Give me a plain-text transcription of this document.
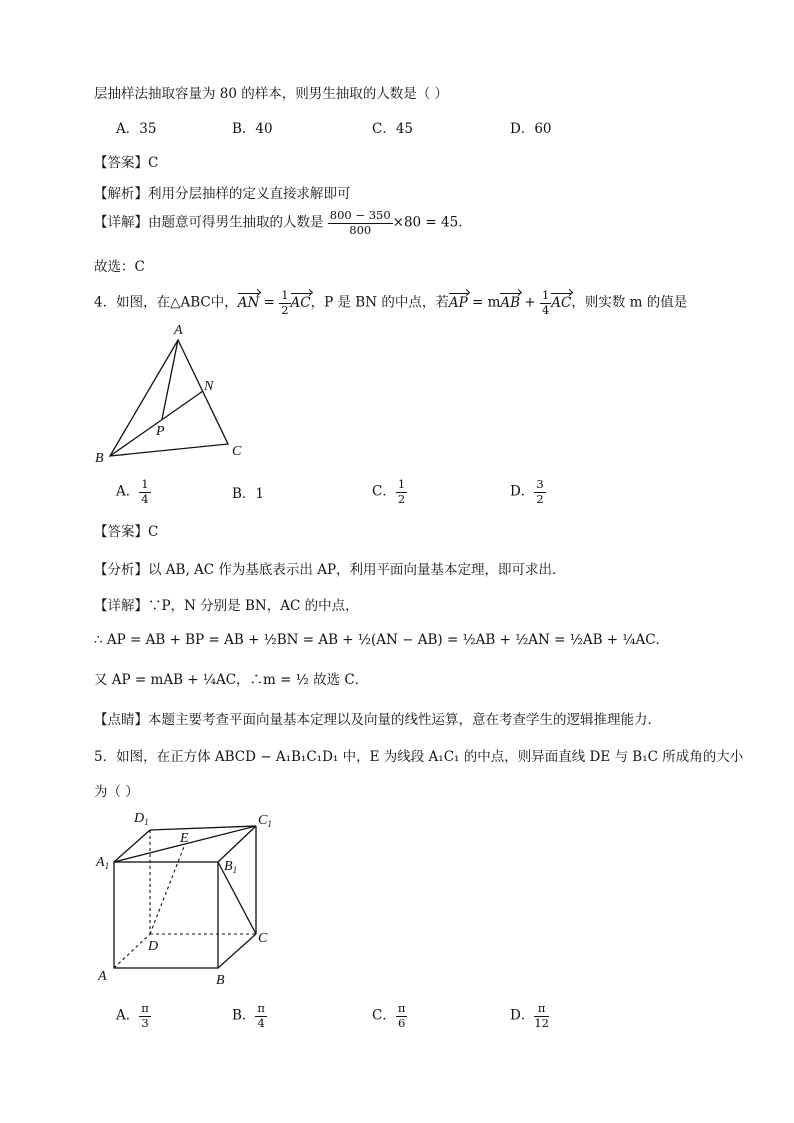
层抽样法抽取容量为 80 的样本，则男生抽取的人数是（ ）
A．35	B．40	C．45	D．60
【答案】C
【解析】利用分层抽样的定义直接求解即可
【详解】由题意可得男生抽取的人数是 $\frac{800 - 350}{800} \times 80 = 45$．
故选：C
4．如图，在△ABC中，AN = $\frac{1}{2}$ AC，P 是 BN 的中点，若AP = mAB + $\frac{1}{4}$ AC，则实数 m 的值是
A
B	C
N
P
A． $\frac{1}{4}$	B．1	C． $\frac{1}{2}$	D． $\frac{3}{2}$
【答案】C
【分析】以 AB, AC 作为基底表示出 AP，利用平面向量基本定理，即可求出．
【详解】∵P，N 分别是 BN，AC 的中点，
∴ AP = AB + BP = AB + ½BN = AB + ½(AN − AB) = ½AB + ½AN = ½AB + ¼AC．
又 AP = mAB + ¼AC，∴m = ½ 故选 C．
【点睛】本题主要考查平面向量基本定理以及向量的线性运算，意在考查学生的逻辑推理能力．
5．如图，在正方体 ABCD − A₁B₁C₁D₁ 中，E 为线段 A₁C₁ 的中点，则异面直线 DE 与 B₁C 所成角的大小
为（ ）
$D_1$
E
$C_1$
$A_1$	$B_1$
D
C
A	B
A． $\frac{\pi}{3}$	B． $\frac{\pi}{4}$	C． $\frac{\pi}{6}$	D． $\frac{\pi}{12}$
